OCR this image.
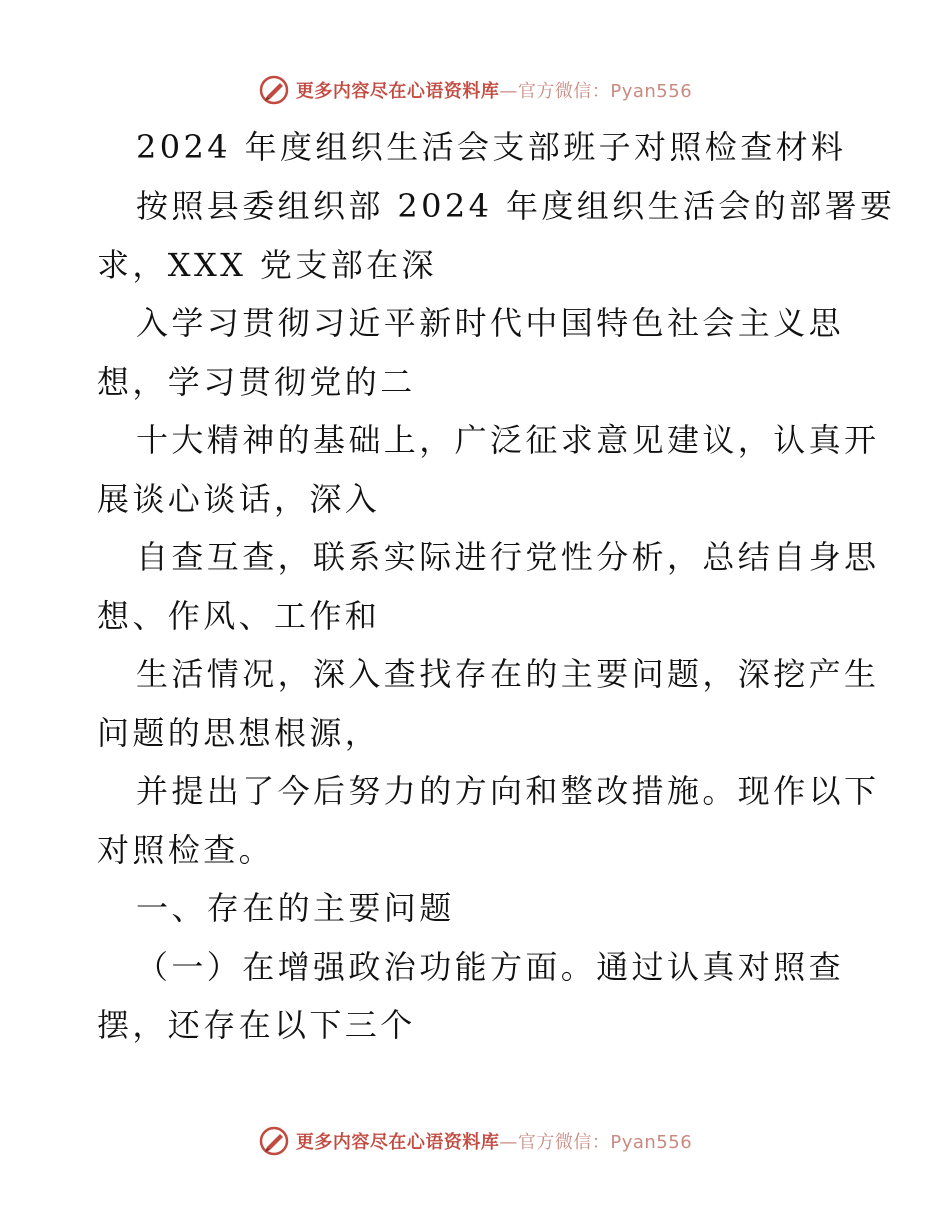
更多内容尽在心语资料库—官方微信：Pyan556
2024 年度组织生活会支部班子对照检查材料
按照县委组织部 2024 年度组织生活会的部署要
求，XXX 党支部在深
入学习贯彻习近平新时代中国特色社会主义思
想，学习贯彻党的二
十大精神的基础上，广泛征求意见建议，认真开
展谈心谈话，深入
自查互查，联系实际进行党性分析，总结自身思
想、作风、工作和
生活情况，深入查找存在的主要问题，深挖产生
问题的思想根源，
并提出了今后努力的方向和整改措施。现作以下
对照检查。
一、存在的主要问题
（一）在增强政治功能方面。通过认真对照查
摆，还存在以下三个
更多内容尽在心语资料库—官方微信：Pyan556
